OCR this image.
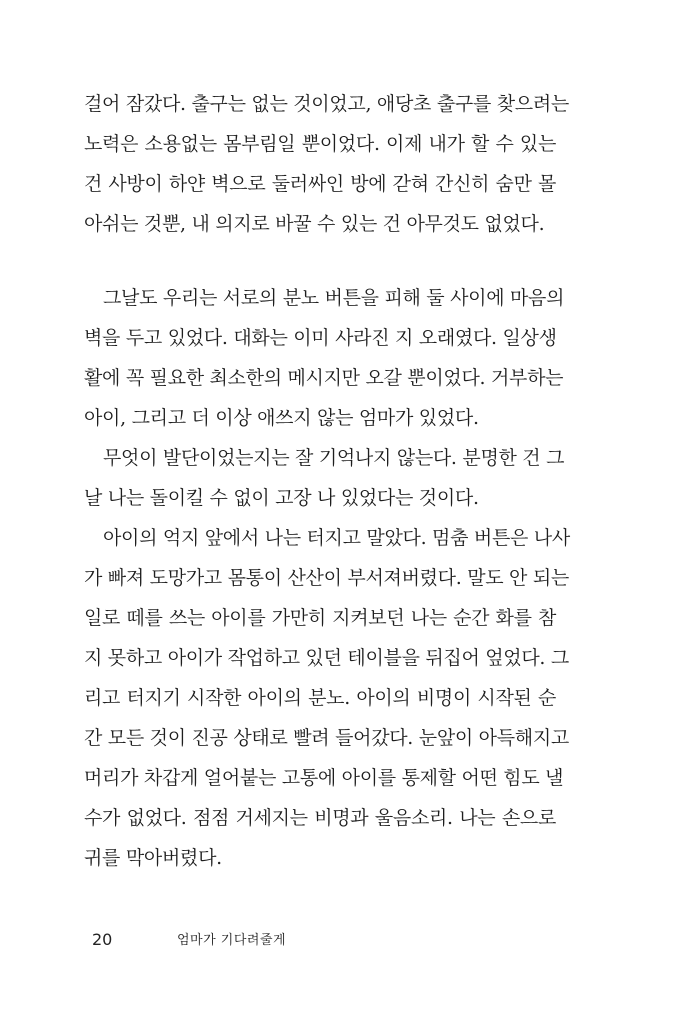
걸어 잠갔다. 출구는 없는 것이었고, 애당초 출구를 찾으려는
노력은 소용없는 몸부림일 뿐이었다. 이제 내가 할 수 있는
건 사방이 하얀 벽으로 둘러싸인 방에 갇혀 간신히 숨만 몰
아쉬는 것뿐, 내 의지로 바꿀 수 있는 건 아무것도 없었다.
그날도 우리는 서로의 분노 버튼을 피해 둘 사이에 마음의
벽을 두고 있었다. 대화는 이미 사라진 지 오래였다. 일상생
활에 꼭 필요한 최소한의 메시지만 오갈 뿐이었다. 거부하는
아이, 그리고 더 이상 애쓰지 않는 엄마가 있었다.
무엇이 발단이었는지는 잘 기억나지 않는다. 분명한 건 그
날 나는 돌이킬 수 없이 고장 나 있었다는 것이다.
아이의 억지 앞에서 나는 터지고 말았다. 멈춤 버튼은 나사
가 빠져 도망가고 몸통이 산산이 부서져버렸다. 말도 안 되는
일로 떼를 쓰는 아이를 가만히 지켜보던 나는 순간 화를 참
지 못하고 아이가 작업하고 있던 테이블을 뒤집어 엎었다. 그
리고 터지기 시작한 아이의 분노. 아이의 비명이 시작된 순
간 모든 것이 진공 상태로 빨려 들어갔다. 눈앞이 아득해지고
머리가 차갑게 얼어붙는 고통에 아이를 통제할 어떤 힘도 낼
수가 없었다. 점점 거세지는 비명과 울음소리. 나는 손으로
귀를 막아버렸다.
20	엄마가 기다려줄게
